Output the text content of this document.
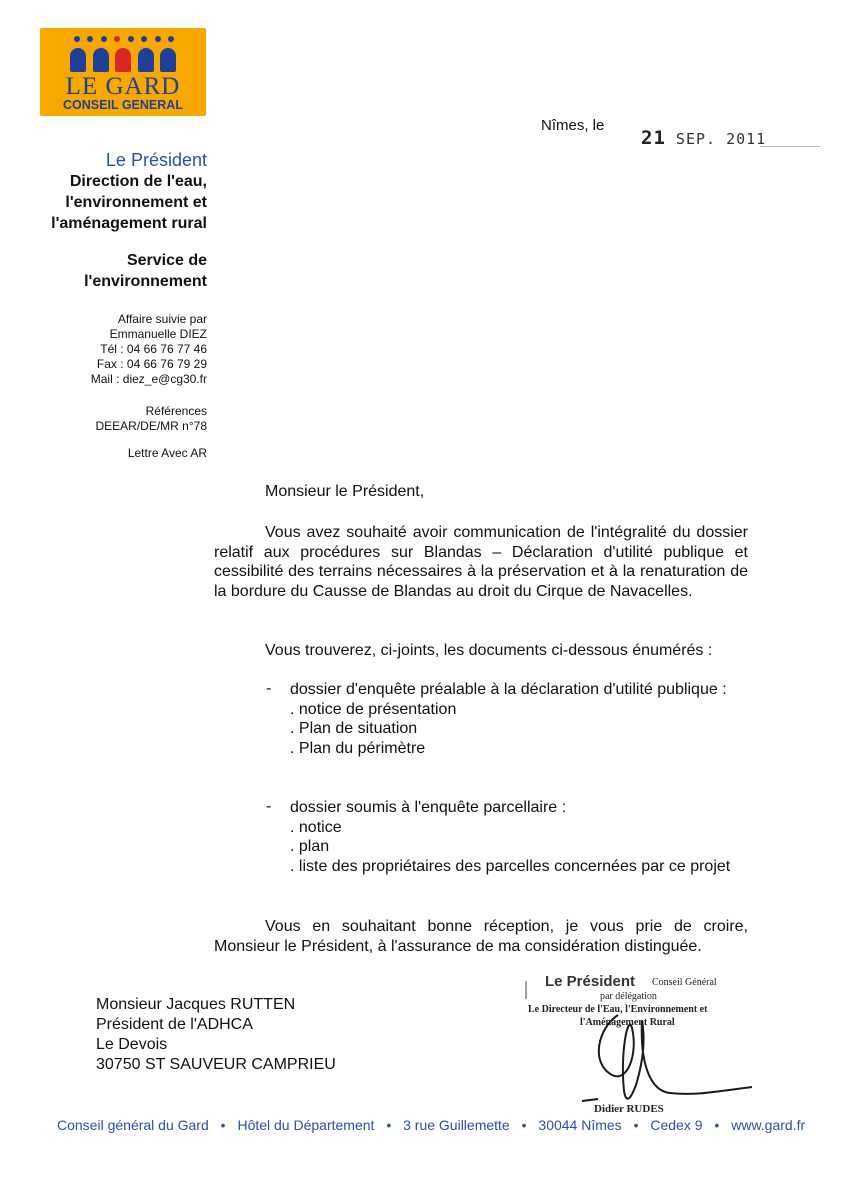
LE GARD
CONSEIL GENERAL
Le Président
Direction de l'eau,
l'environnement et
l'aménagement rural
Service de
l'environnement
Affaire suivie par
Emmanuelle DIEZ
Tél : 04 66 76 77 46
Fax : 04 66 76 79 29
Mail : diez_e@cg30.fr
Références
DEEAR/DE/MR n°78
Lettre Avec AR
Nîmes, le
21 SEP. 2011
Monsieur le Président,
Vous avez souhaité avoir communication de l'intégralité du dossier relatif aux procédures sur Blandas – Déclaration d'utilité publique et cessibilité des terrains nécessaires à la préservation et à la renaturation de la bordure du Causse de Blandas au droit du Cirque de Navacelles.
Vous trouverez, ci-joints, les documents ci-dessous énumérés :
- dossier d'enquête préalable à la déclaration d'utilité publique :
. notice de présentation
. Plan de situation
. Plan du périmètre
- dossier soumis à l'enquête parcellaire :
. notice
. plan
. liste des propriétaires des parcelles concernées par ce projet
Vous en souhaitant bonne réception, je vous prie de croire, Monsieur le Président, à l'assurance de ma considération distinguée.
Monsieur Jacques RUTTEN
Président de l'ADHCA
Le Devois
30750 ST SAUVEUR CAMPRIEU
Le Président Conseil Général
par délégation
Le Directeur de l'Eau, l'Environnement et
l'Aménagement Rural
Didier RUDES
Conseil général du Gard • Hôtel du Département • 3 rue Guillemette • 30044 Nîmes • Cedex 9 • www.gard.fr
